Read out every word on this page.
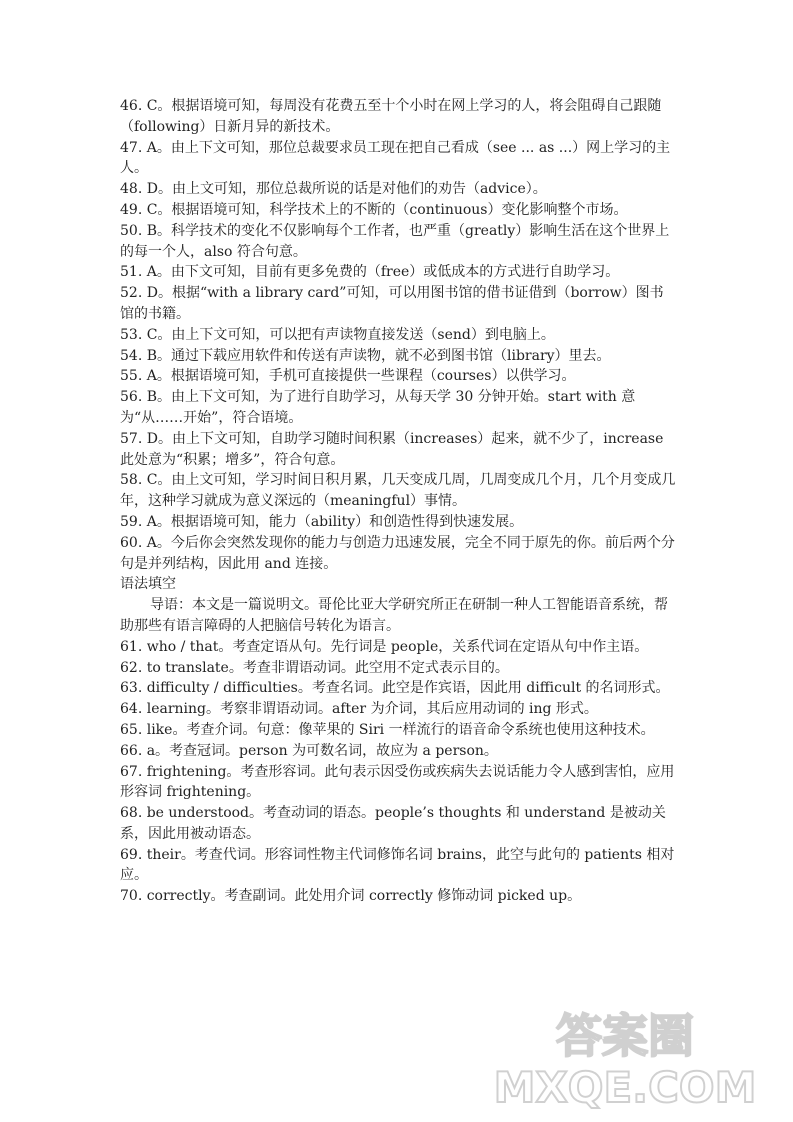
46. C。根据语境可知，每周没有花费五至十个小时在网上学习的人，将会阻碍自己跟随（following）日新月异的新技术。
47. A。由上下文可知，那位总裁要求员工现在把自己看成（see ... as ...）网上学习的主人。
48. D。由上文可知，那位总裁所说的话是对他们的劝告（advice）。
49. C。根据语境可知，科学技术上的不断的（continuous）变化影响整个市场。
50. B。科学技术的变化不仅影响每个工作者，也严重（greatly）影响生活在这个世界上的每一个人，also 符合句意。
51. A。由下文可知，目前有更多免费的（free）或低成本的方式进行自助学习。
52. D。根据“with a library card”可知，可以用图书馆的借书证借到（borrow）图书馆的书籍。
53. C。由上下文可知，可以把有声读物直接发送（send）到电脑上。
54. B。通过下载应用软件和传送有声读物，就不必到图书馆（library）里去。
55. A。根据语境可知，手机可直接提供一些课程（courses）以供学习。
56. B。由上下文可知，为了进行自助学习，从每天学 30 分钟开始。start with 意为“从……开始”，符合语境。
57. D。由上下文可知，自助学习随时间积累（increases）起来，就不少了，increase 此处意为“积累；增多”，符合句意。
58. C。由上文可知，学习时间日积月累，几天变成几周，几周变成几个月，几个月变成几年，这种学习就成为意义深远的（meaningful）事情。
59. A。根据语境可知，能力（ability）和创造性得到快速发展。
60. A。今后你会突然发现你的能力与创造力迅速发展，完全不同于原先的你。前后两个分句是并列结构，因此用 and 连接。
语法填空
导语：本文是一篇说明文。哥伦比亚大学研究所正在研制一种人工智能语音系统，帮助那些有语言障碍的人把脑信号转化为语言。
61. who / that。考查定语从句。先行词是 people，关系代词在定语从句中作主语。
62. to translate。考查非谓语动词。此空用不定式表示目的。
63. difficulty / difficulties。考查名词。此空是作宾语，因此用 difficult 的名词形式。
64. learning。考察非谓语动词。after 为介词，其后应用动词的 ing 形式。
65. like。考查介词。句意：像苹果的 Siri 一样流行的语音命令系统也使用这种技术。
66. a。考查冠词。person 为可数名词，故应为 a person。
67. frightening。考查形容词。此句表示因受伤或疾病失去说话能力令人感到害怕，应用形容词 frightening。
68. be understood。考查动词的语态。people’s thoughts 和 understand 是被动关系，因此用被动语态。
69. their。考查代词。形容词性物主代词修饰名词 brains，此空与此句的 patients 相对应。
70. correctly。考查副词。此处用介词 correctly 修饰动词 picked up。
答案圈
MXQE.COM
